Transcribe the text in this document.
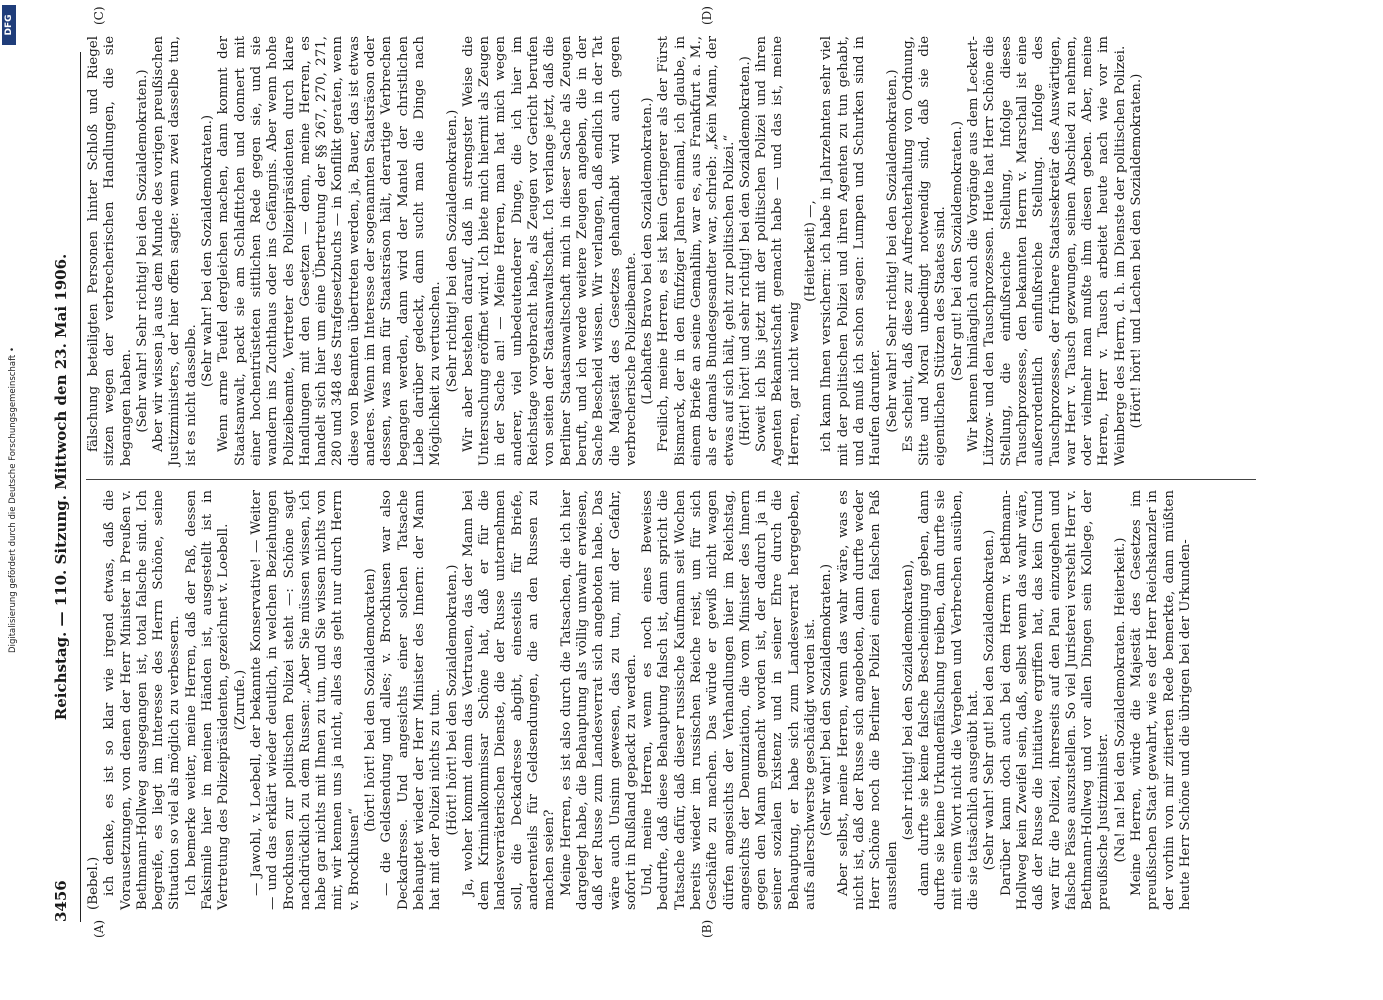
Digitalisierung gefördert durch die Deutsche Forschungsgemeinschaft •
DFG
3456
Reichstag. — 110. Sitzung. Mittwoch den 23. Mai 1906.
(A)	(B)
(C)	(D)

(Bebel.) ich denke, es ist so klar wie irgend etwas, daß die Vorausetzungen, von denen der Herr Minister in Preußen v. Bethmann-Hollweg ausgegangen ist, total falsche sind. Ich begreife, es liegt im Interesse des Herrn Schöne, seine Situation so viel als möglich zu verbessern. Ich bemerke weiter, meine Herren, daß der Paß, dessen Faksimile hier in meinen Händen ist, ausgestellt ist in Vertretung des Polizeipräsidenten, gezeichnet v. Loebell. (Zurufe.) — Jawohl, v. Loebell, der bekannte Konservative! — Weiter — und das erklärt wieder deutlich, in welchen Beziehungen Brockhusen zur politischen Polizei steht —: Schöne sagt nachdrücklich zu dem Russen: „Aber Sie müssen wissen, ich habe gar nichts mit Ihnen zu tun, und Sie wissen nichts von mir, wir kennen uns ja nicht, alles das geht nur durch Herrn v. Brockhusen“

(hört! hört! bei den Sozialdemokraten) — die Geldsendung und alles; v. Brockhusen war also Deckadresse. Und angesichts einer solchen Tatsache behauptet wieder der Herr Minister des Innern: der Mann hat mit der Polizei nichts zu tun. (Hört! hört! bei den Sozialdemokraten.) Ja, woher kommt denn das Vertrauen, das der Mann bei dem Kriminalkommissar Schöne hat, daß er für die landesverräterischen Dienste, die der Russe unternehmen soll, die Deckadresse abgibt, einesteils für Briefe, anderenteils für Geldsendungen, die an den Russen zu machen seien? Meine Herren, es ist also durch die Tatsachen, die ich hier dargelegt habe, die Behauptung als völlig unwahr erwiesen, daß der Russe zum Landesverrat sich angeboten habe. Das wäre auch Unsinn gewesen, das zu tun, mit der Gefahr, sofort in Rußland gepackt zu werden. Und, meine Herren, wenn es noch eines Beweises bedurfte, daß diese Behauptung falsch ist, dann spricht die Tatsache dafür, daß dieser russische Kaufmann seit Wochen bereits wieder im russischen Reiche reist, um für sich Geschäfte zu machen. Das würde er gewiß nicht wagen dürfen angesichts der Verhandlungen hier im Reichstag, angesichts der Denunziation, die vom Minister des Innern gegen den Mann gemacht worden ist, der dadurch ja in seiner sozialen Existenz und in seiner Ehre durch die Behauptung, er habe sich zum Landesverrat hergegeben, aufs allerschwerste geschädigt worden ist. (Sehr wahr! bei den Sozialdemokraten.) Aber selbst, meine Herren, wenn das wahr wäre, was es nicht ist, daß der Russe sich angeboten, dann durfte weder Herr Schöne noch die Berliner Polizei einen falschen Paß ausstellen

(sehr richtig! bei den Sozialdemokraten), dann durfte sie keine falsche Bescheinigung geben, dann durfte sie keine Urkundenfälschung treiben, dann durfte sie mit einem Wort nicht die Vergehen und Verbrechen ausüben, die sie tatsächlich ausgeübt hat. (Sehr wahr! Sehr gut! bei den Sozialdemokraten.) Darüber kann doch auch bei dem Herrn v. Bethmann-Hollweg kein Zweifel sein, daß, selbst wenn das wahr wäre, daß der Russe die Initiative ergriffen hat, das kein Grund war für die Polizei, ihrerseits auf den Plan einzugehen und falsche Pässe auszustellen. So viel Juristerei versteht Herr v. Bethmann-Hollweg und vor allen Dingen sein Kollege, der preußische Justizminister. (Na! na! bei den Sozialdemokraten. Heiterkeit.) Meine Herren, würde die Majestät des Gesetzes im preußischen Staat gewahrt, wie es der Herr Reichskanzler in der vorhin von mir zitierten Rede bemerkte, dann müßten heute Herr Schöne und die übrigen bei der Urkunden-

fälschung beteiligten Personen hinter Schloß und Riegel sitzen wegen der verbrecherischen Handlungen, die sie begangen haben. (Sehr wahr! Sehr richtig! bei den Sozialdemokraten.) Aber wir wissen ja aus dem Munde des vorigen preußischen Justizministers, der hier offen sagte: wenn zwei dasselbe tun, ist es nicht dasselbe.

(Sehr wahr! bei den Sozialdemokraten.) Wenn arme Teufel dergleichen machen, dann kommt der Staatsanwalt, packt sie am Schlafittchen und donnert mit einer hochentrüsteten sittlichen Rede gegen sie, und sie wandern ins Zuchthaus oder ins Gefängnis. Aber wenn hohe Polizeibeamte, Vertreter des Polizeipräsidenten durch klare Handlungen mit den Gesetzen — denn, meine Herren, es handelt sich hier um eine Übertretung der §§ 267, 270, 271, 280 und 348 des Strafgesetzbuchs — in Konflikt geraten, wenn diese von Beamten übertreten werden, ja, Bauer, das ist etwas anderes. Wenn im Interesse der sogenannten Staatsräson oder dessen, was man für Staatsräson hält, derartige Verbrechen begangen werden, dann wird der Mantel der christlichen Liebe darüber gedeckt, dann sucht man die Dinge nach Möglichkeit zu vertuschen. (Sehr richtig! bei den Sozialdemokraten.) Wir aber bestehen darauf, daß in strengster Weise die Untersuchung eröffnet wird. Ich biete mich hiermit als Zeugen in der Sache an! — Meine Herren, man hat mich wegen anderer, viel unbedeutenderer Dinge, die ich hier im Reichstage vorgebracht habe, als Zeugen vor Gericht berufen von seiten der Staatsanwaltschaft. Ich verlange jetzt, daß die Berliner Staatsanwaltschaft mich in dieser Sache als Zeugen beruft, und ich werde weitere Zeugen angeben, die in der Sache Bescheid wissen. Wir verlangen, daß endlich in der Tat die Majestät des Gesetzes gehandhabt wird auch gegen verbrecherische Polizeibeamte. (Lebhaftes Bravo bei den Sozialdemokraten.) Freilich, meine Herren, es ist kein Geringerer als der Fürst Bismarck, der in den fünfziger Jahren einmal, ich glaube, in einem Briefe an seine Gemahlin, war es, aus Frankfurt a. M., als er damals Bundesgesandter war, schrieb: „Kein Mann, der etwas auf sich hält, geht zur politischen Polizei.“ (Hört! hört! und sehr richtig! bei den Sozialdemokraten.) Soweit ich bis jetzt mit der politischen Polizei und ihren Agenten Bekanntschaft gemacht habe — und das ist, meine Herren, gar nicht wenig

(Heiterkeit) —, ich kann Ihnen versichern: ich habe in Jahrzehnten sehr viel mit der politischen Polizei und ihren Agenten zu tun gehabt, und da muß ich schon sagen: Lumpen und Schurken sind in Haufen darunter. (Sehr wahr! Sehr richtig! bei den Sozialdemokraten.) Es scheint, daß diese zur Aufrechterhaltung von Ordnung, Sitte und Moral unbedingt notwendig sind, daß sie die eigentlichen Stützen des Staates sind. (Sehr gut! bei den Sozialdemokraten.) Wir kennen hinlänglich auch die Vorgänge aus dem Leckert-Lützow- und den Tauschprozessen. Heute hat Herr Schöne die Stellung, die einflußreiche Stellung, Infolge dieses Tauschprozesses, den bekannten Herrn v. Marschall ist eine außerordentlich einflußreiche Stellung. Infolge des Tauschprozesses, der frühere Staatssekretär des Auswärtigen, war Herr v. Tausch gezwungen, seinen Abschied zu nehmen, oder vielmehr man mußte ihm diesen geben. Aber, meine Herren, Herr v. Tausch arbeitet heute nach wie vor im Weinberge des Herrn, d. h. im Dienste der politischen Polizei. (Hört! hört! und Lachen bei den Sozialdemokraten.)
